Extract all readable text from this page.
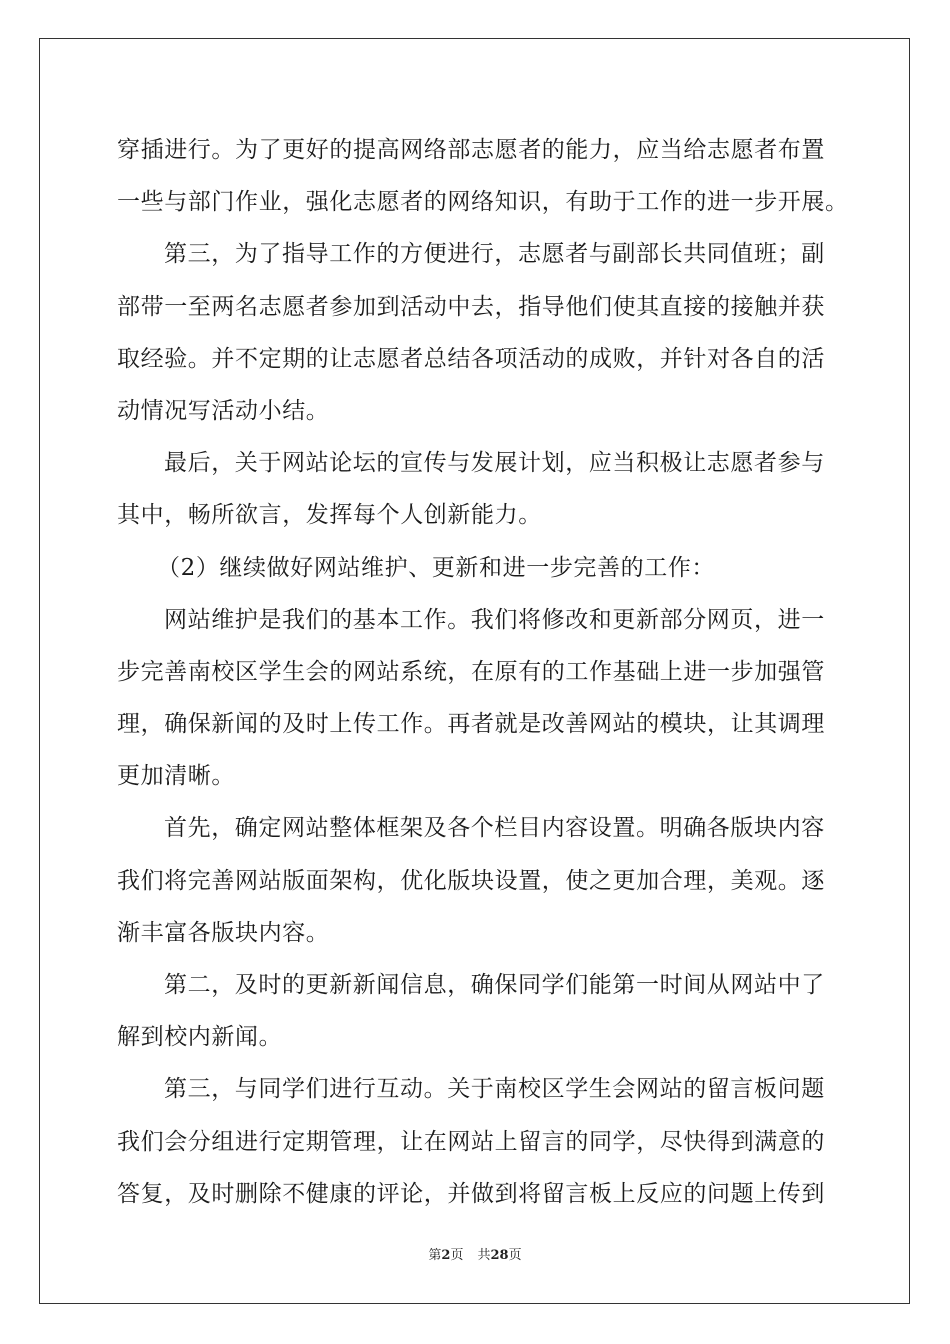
穿插进行。为了更好的提高网络部志愿者的能力，应当给志愿者布置
一些与部门作业，强化志愿者的网络知识，有助于工作的进一步开展。
第三，为了指导工作的方便进行，志愿者与副部长共同值班；副
部带一至两名志愿者参加到活动中去，指导他们使其直接的接触并获
取经验。并不定期的让志愿者总结各项活动的成败，并针对各自的活
动情况写活动小结。
最后，关于网站论坛的宣传与发展计划，应当积极让志愿者参与
其中，畅所欲言，发挥每个人创新能力。
（2）继续做好网站维护、更新和进一步完善的工作：
网站维护是我们的基本工作。我们将修改和更新部分网页，进一
步完善南校区学生会的网站系统，在原有的工作基础上进一步加强管
理，确保新闻的及时上传工作。再者就是改善网站的模块，让其调理
更加清晰。
首先，确定网站整体框架及各个栏目内容设置。明确各版块内容
我们将完善网站版面架构，优化版块设置，使之更加合理，美观。逐
渐丰富各版块内容。
第二，及时的更新新闻信息，确保同学们能第一时间从网站中了
解到校内新闻。
第三，与同学们进行互动。关于南校区学生会网站的留言板问题
我们会分组进行定期管理，让在网站上留言的同学，尽快得到满意的
答复，及时删除不健康的评论，并做到将留言板上反应的问题上传到
第2页 共28页
